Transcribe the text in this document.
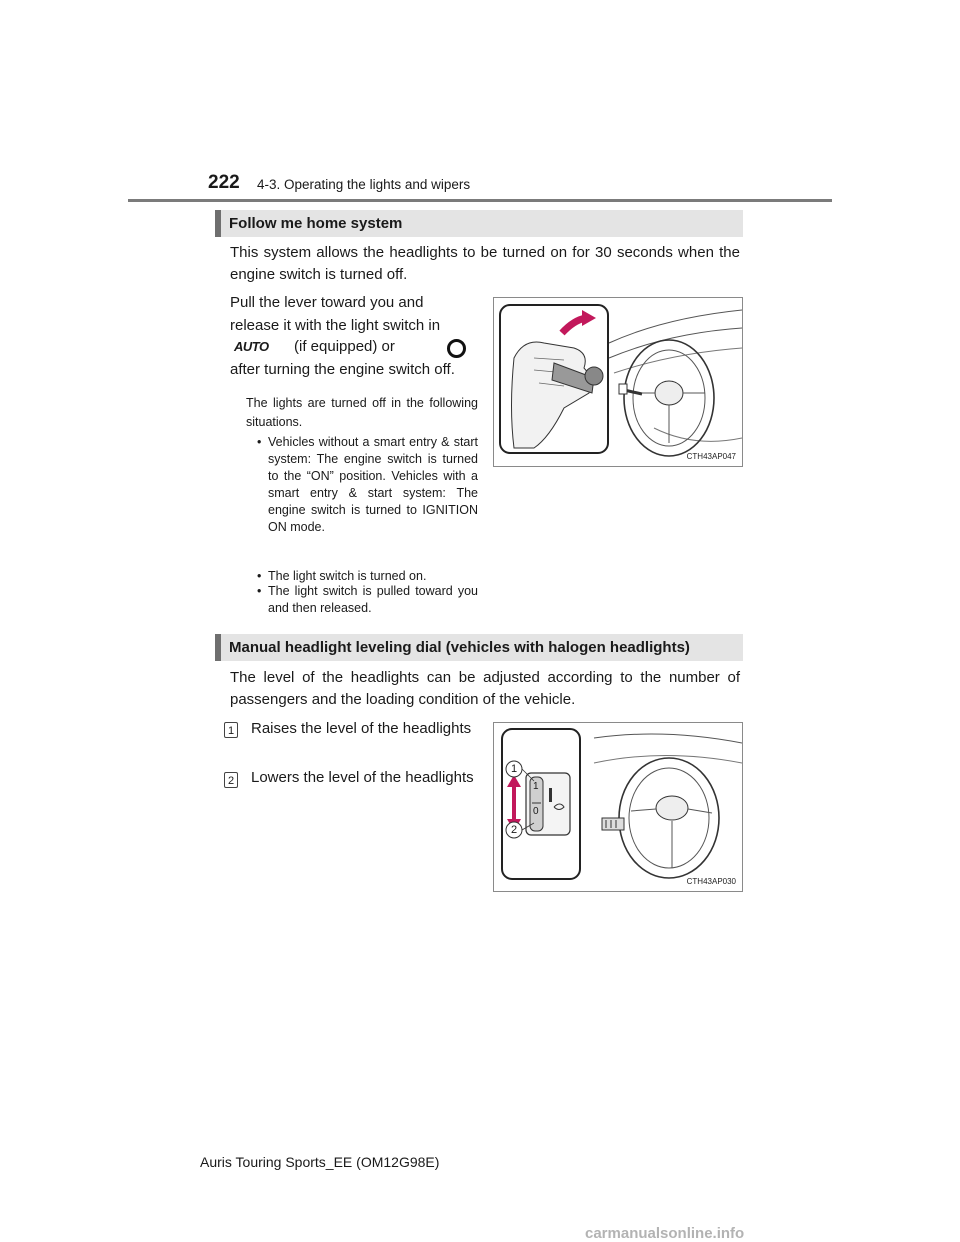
222 4-3. Operating the lights and wipers
Follow me home system
This system allows the headlights to be turned on for 30 seconds when the engine switch is turned off.
Pull the lever toward you and
release it with the light switch in
AUTO (if equipped) or
after turning the engine switch off.
The lights are turned off in the following situations.
• Vehicles without a smart entry & start system: The engine switch is turned to the “ON” position. Vehicles with a smart entry & start system: The engine switch is turned to IGNITION ON mode.
• The light switch is turned on.
• The light switch is pulled toward you and then released.
CTH43AP047
Manual headlight leveling dial (vehicles with halogen headlights)
The level of the headlights can be adjusted according to the number of passengers and the loading condition of the vehicle.
1 Raises the level of the headlights
2 Lowers the level of the headlights	1
2
1
0
CTH43AP030
Auris Touring Sports_EE (OM12G98E)
carmanualsonline.info
